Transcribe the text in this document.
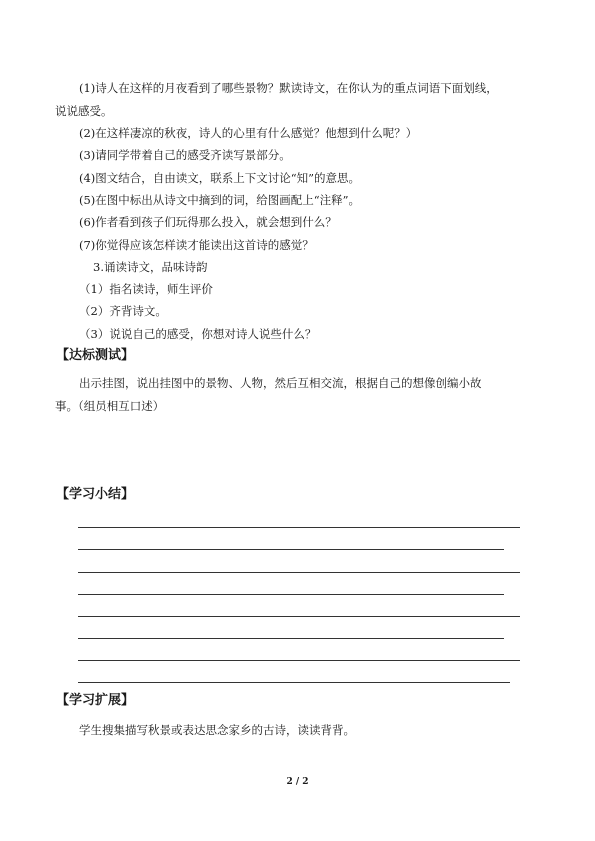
(1)诗人在这样的月夜看到了哪些景物？默读诗文，在你认为的重点词语下面划线，
说说感受。
(2)在这样凄凉的秋夜，诗人的心里有什么感觉？他想到什么呢？）
(3)请同学带着自己的感受齐读写景部分。
(4)图文结合，自由读文，联系上下文讨论“知”的意思。
(5)在图中标出从诗文中摘到的词，给图画配上“注释”。
(6)作者看到孩子们玩得那么投入，就会想到什么？
(7)你觉得应该怎样读才能读出这首诗的感觉？
3.诵读诗文，品味诗韵
（1）指名读诗，师生评价
（2）齐背诗文。
（3）说说自己的感受，你想对诗人说些什么？
【达标测试】
出示挂图，说出挂图中的景物、人物，然后互相交流，根据自己的想像创编小故
事。（组员相互口述）
【学习小结】
【学习扩展】
学生搜集描写秋景或表达思念家乡的古诗，读读背背。
2 / 2
